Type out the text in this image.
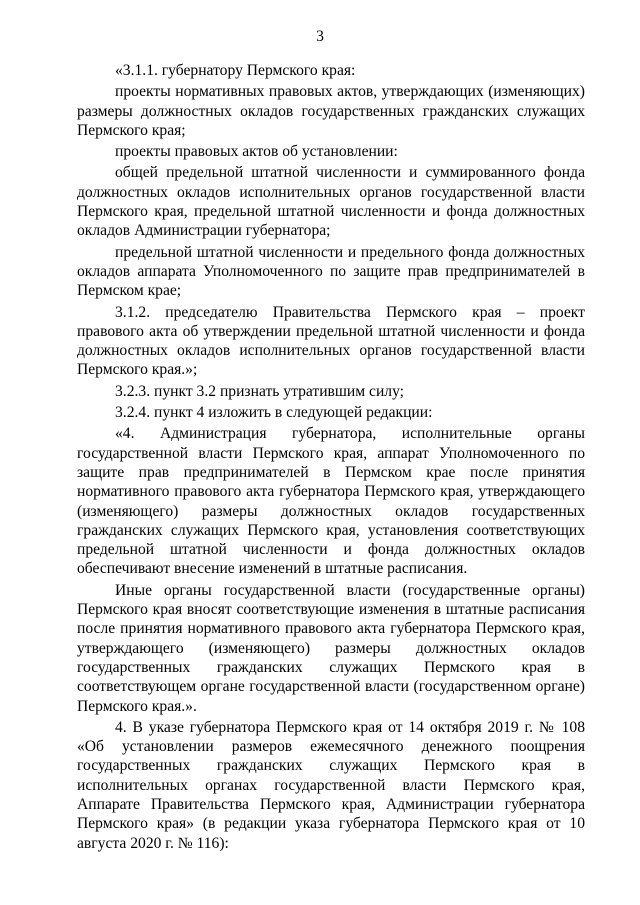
3

«3.1.1. губернатору Пермского края:

проекты нормативных правовых актов, утверждающих (изменяющих) размеры должностных окладов государственных гражданских служащих Пермского края;

проекты правовых актов об установлении:

общей предельной штатной численности и суммированного фонда должностных окладов исполнительных органов государственной власти Пермского края, предельной штатной численности и фонда должностных окладов Администрации губернатора;

предельной штатной численности и предельного фонда должностных окладов аппарата Уполномоченного по защите прав предпринимателей в Пермском крае;

3.1.2. председателю Правительства Пермского края – проект правового акта об утверждении предельной штатной численности и фонда должностных окладов исполнительных органов государственной власти Пермского края.»;

3.2.3. пункт 3.2 признать утратившим силу;

3.2.4. пункт 4 изложить в следующей редакции:

«4. Администрация губернатора, исполнительные органы государственной власти Пермского края, аппарат Уполномоченного по защите прав предпринимателей в Пермском крае после принятия нормативного правового акта губернатора Пермского края, утверждающего (изменяющего) размеры должностных окладов государственных гражданских служащих Пермского края, установления соответствующих предельной штатной численности и фонда должностных окладов обеспечивают внесение изменений в штатные расписания.

Иные органы государственной власти (государственные органы) Пермского края вносят соответствующие изменения в штатные расписания после принятия нормативного правового акта губернатора Пермского края, утверждающего (изменяющего) размеры должностных окладов государственных гражданских служащих Пермского края в соответствующем органе государственной власти (государственном органе) Пермского края.».

4. В указе губернатора Пермского края от 14 октября 2019 г. № 108 «Об установлении размеров ежемесячного денежного поощрения государственных гражданских служащих Пермского края в исполнительных органах государственной власти Пермского края, Аппарате Правительства Пермского края, Администрации губернатора Пермского края» (в редакции указа губернатора Пермского края от 10 августа 2020 г. № 116):
